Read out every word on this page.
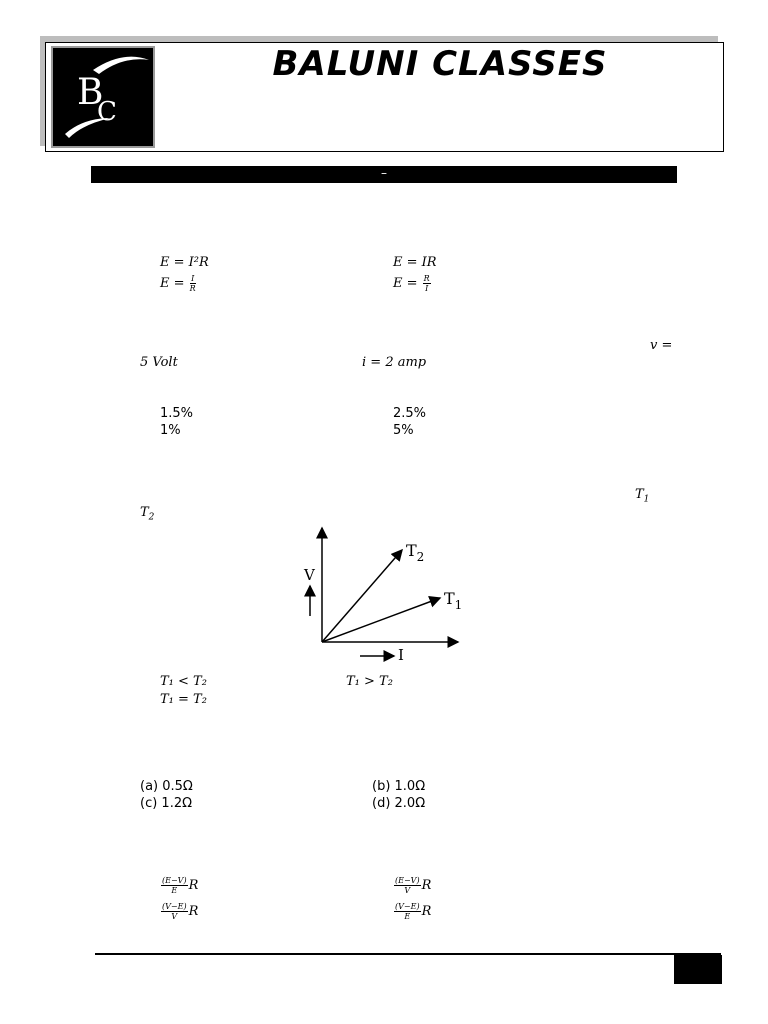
B
C
BALUNI CLASSES
–
E = I²R	E = IR
$E = \frac{I}{R}$	$E = \frac{R}{I}$
v =
5 Volt	i = 2 amp
1.5%	2.5%
1%	5%
$T_1$
$T_2$
V
I
$T_2$
$T_1$
T₁ < T₂	T₁ > T₂
T₁ = T₂
(a) 0.5Ω	(b) 1.0Ω
(c) 1.2Ω	(d) 2.0Ω
$\frac{(E-V)}{E}$ R	$\frac{(E-V)}{V}$ R
$\frac{(V-E)}{V}$ R	$\frac{(V-E)}{E}$ R
